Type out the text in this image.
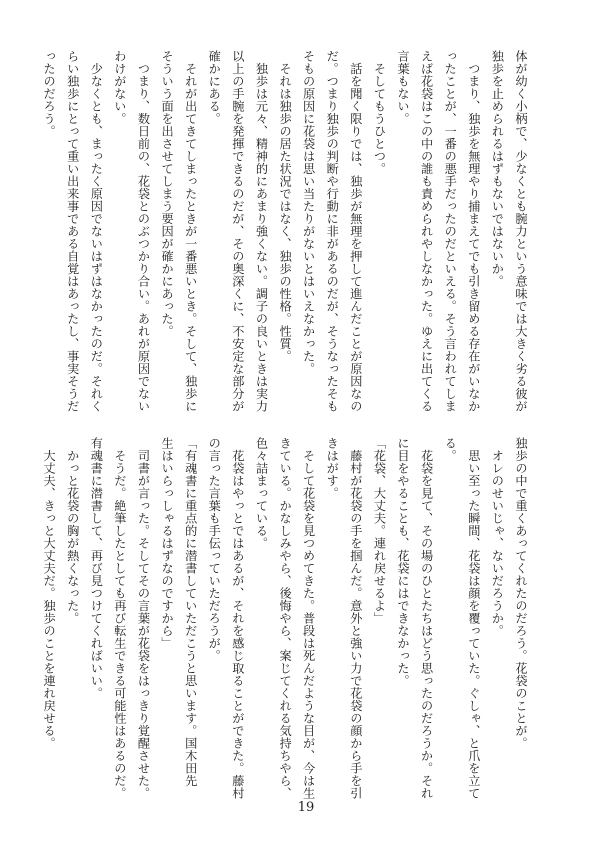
体が幼く小柄で、少なくとも腕力という意味では大きく劣る彼が
独歩を止められるはずもないではないか。
　つまり、独歩を無理やり捕まえてでも引き留める存在がいなか
ったことが、一番の悪手だったのだといえる。そう言われてしま
えば花袋はこの中の誰も責められやしなかった。ゆえに出てくる
言葉もない。
　そしてもうひとつ。
　話を聞く限りでは、独歩が無理を押して進んだことが原因なの
だ。つまり独歩の判断や行動に非があるのだが、そうなったそも
そもの原因に花袋は思い当たりがないとはいえなかった。
　それは独歩の居た状況ではなく、独歩の性格。性質。
　独歩は元々、精神的にあまり強くない。調子の良いときは実力
以上の手腕を発揮できるのだが、その奥深くに、不安定な部分が
確かにある。
　それが出てきてしまったときが一番悪いとき。そして、独歩に
そういう面を出させてしまう要因が確かにあった。
　つまり、数日前の、花袋とのぶつかり合い。あれが原因でない
わけがない。
　少なくとも、まったく原因でないはずはなかったのだ。それく
らい独歩にとって重い出来事である自覚はあったし、事実そうだ
ったのだろう。
独歩の中で重くあってくれたのだろう。花袋のことが。
　オレのせいじゃ、ないだろうか。
　思い至った瞬間、花袋は顔を覆っていた。ぐしゃ、と爪を立て
る。
　花袋を見て、その場のひとたちはどう思ったのだろうか。それ
に目をやることも、花袋にはできなかった。
「花袋、大丈夫。連れ戻せるよ」
　藤村が花袋の手を掴んだ。意外と強い力で花袋の顔から手を引
きはがす。
　そして花袋を見つめてきた。普段は死んだような目が、今は生
きている。かなしみやら、後悔やら、案じてくれる気持ちやら、
色々詰まっている。
　花袋はやっとではあるが、それを感じ取ることができた。藤村
の言った言葉も手伝っていただろうが。
「有魂書に重点的に潜書していただこうと思います。国木田先
生はいらっしゃるはずなのですから」
　司書が言った。そしてその言葉が花袋をはっきり覚醒させた。
　そうだ。絶筆したとしても再び転生できる可能性はあるのだ。
有魂書に潜書して、再び見つけてくればいい。
　かっと花袋の胸が熱くなった。
　大丈夫、きっと大丈夫だ。独歩のことを連れ戻せる。
19
